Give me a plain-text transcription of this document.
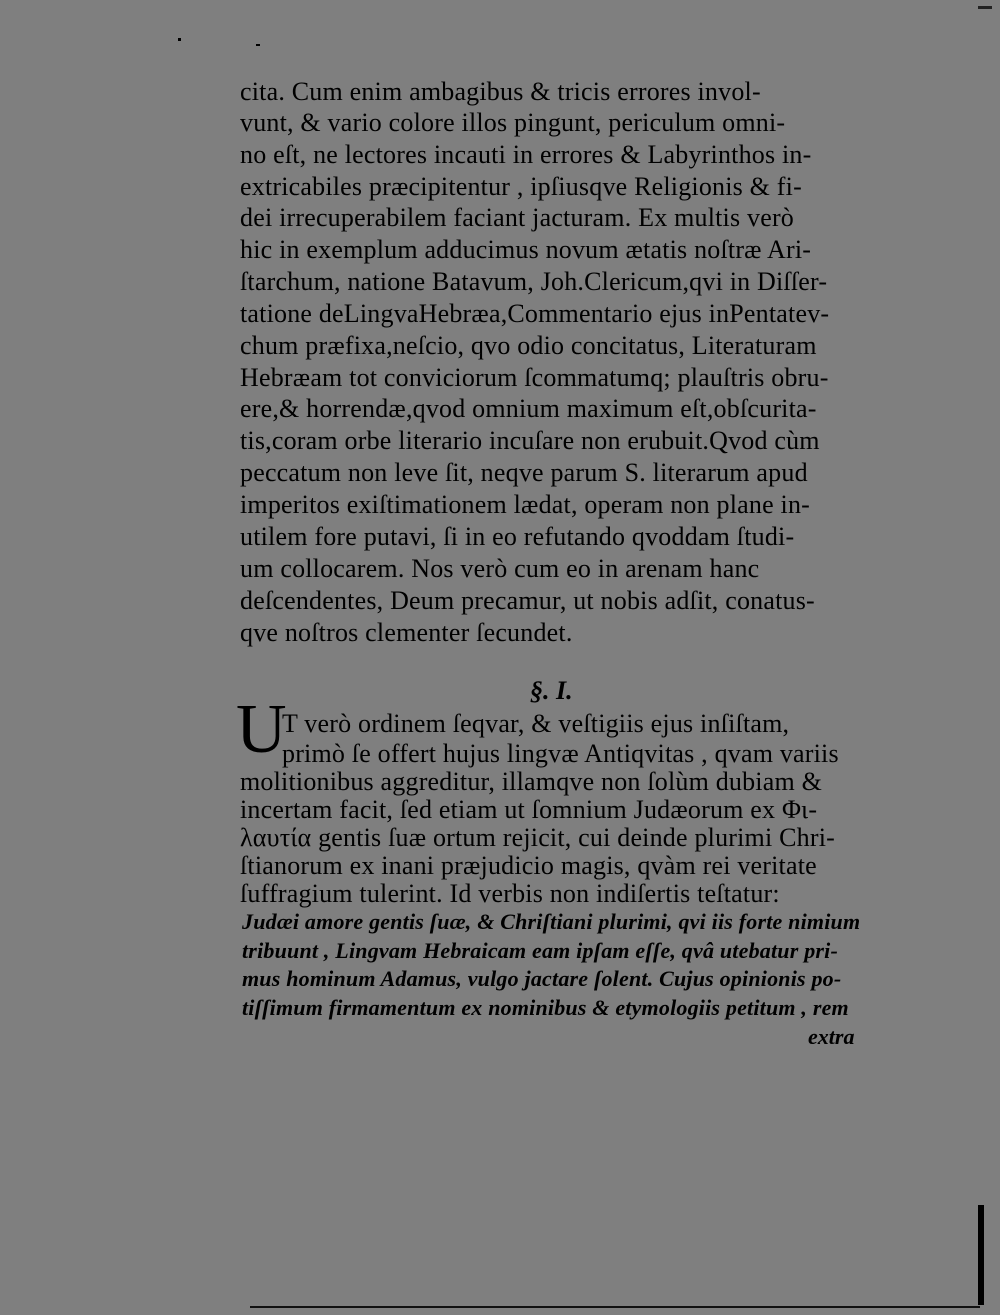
cita. Cum enim ambagibus & tricis errores invol-
vunt, & vario colore illos pingunt, periculum omni-
no eſt, ne lectores incauti in errores & Labyrinthos in-
extricabiles præcipitentur , ipſiusqve Religionis & fi-
dei irrecuperabilem faciant jacturam. Ex multis verò
hic in exemplum adducimus novum ætatis noſtræ Ari-
ſtarchum, natione Batavum, Joh.Clericum,qvi in Diſſer-
tatione deLingvaHebræa,Commentario ejus inPentatev-
chum præfixa,neſcio, qvo odio concitatus, Literaturam
Hebræam tot conviciorum ſcommatumq; plauſtris obru-
ere,& horrendæ,qvod omnium maximum eſt,obſcurita-
tis,coram orbe literario incuſare non erubuit.Qvod cùm
peccatum non leve ſit, neqve parum S. literarum apud
imperitos exiſtimationem lædat, operam non plane in-
utilem fore putavi, ſi in eo refutando qvoddam ſtudi-
um collocarem. Nos verò cum eo in arenam hanc
deſcendentes, Deum precamur, ut nobis adſit, conatus-
qve noſtros clementer ſecundet.
§. I.
U
T verò ordinem ſeqvar, & veſtigiis ejus inſiſtam,
primò ſe offert hujus lingvæ Antiqvitas , qvam variis
molitionibus aggreditur, illamqve non ſolùm dubiam &
incertam facit, ſed etiam ut ſomnium Judæorum ex Φι-
λαυτία gentis ſuæ ortum rejicit, cui deinde plurimi Chri-
ſtianorum ex inani præjudicio magis, qvàm rei veritate
ſuffragium tulerint. Id verbis non indiſertis teſtatur:
Judæi amore gentis ſuæ, & Chriſtiani plurimi, qvi iis forte nimium
tribuunt , Lingvam Hebraicam eam ipſam eſſe, qvâ utebatur pri-
mus hominum Adamus, vulgo jactare ſolent. Cujus opinionis po-
tiſſimum firmamentum ex nominibus & etymologiis petitum , rem
extra
